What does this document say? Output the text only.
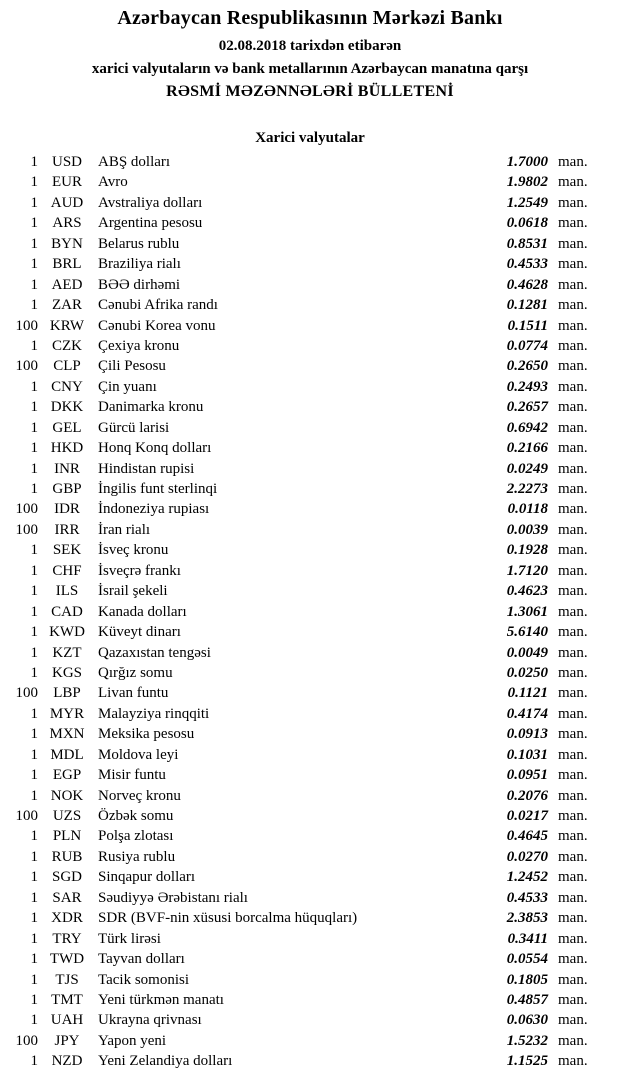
Azərbaycan Respublikasının Mərkəzi Bankı
02.08.2018 tarixdən etibarən
xarici valyutaların və bank metallarının Azərbaycan manatına qarşı
RƏSMİ MƏZƏNNƏLƏRİ BÜLLETENİ
Xarici valyutalar
1 USD	ABŞ dolları	1.7000 man.
1 EUR	Avro	1.9802 man.
1 AUD Avstraliya dolları	1.2549 man.
1 ARS	Argentina pesosu	0.0618 man.
1 BYN	Belarus rublu	0.8531 man.
1 BRL	Braziliya rialı	0.4533 man.
1 AED	BƏƏ dirhəmi	0.4628 man.
1 ZAR	Cənubi Afrika randı	0.1281 man.
100 KRW Cənubi Korea vonu	0.1511 man.
1 CZK	Çexiya kronu	0.0774 man.
100	CLP	Çili Pesosu	0.2650 man.
1 CNY	Çin yuanı	0.2493 man.
1 DKK Danimarka kronu	0.2657 man.
1 GEL	Gürcü larisi	0.6942 man.
1 HKD Honq Konq dolları	0.2166 man.
1	INR	Hindistan rupisi	0.0249 man.
1 GBP	İngilis funt sterlinqi	2.2273 man.
100	IDR	İndoneziya rupiası	0.0118 man.
100	IRR	İran rialı	0.0039 man.
1 SEK	İsveç kronu	0.1928 man.
1 CHF	İsveçrə frankı	1.7120 man.
1	ILS	İsrail şekeli	0.4623 man.
1 CAD	Kanada dolları	1.3061 man.
1 KWD Küveyt dinarı	5.6140 man.
1 KZT	Qazaxıstan tengəsi	0.0049 man.
1 KGS	Qırğız somu	0.0250 man.
100	LBP	Livan funtu	0.1121 man.
1 MYR Malayziya rinqqiti	0.4174 man.
1 MXN Meksika pesosu	0.0913 man.
1 MDL Moldova leyi	0.1031 man.
1 EGP	Misir funtu	0.0951 man.
1 NOK Norveç kronu	0.2076 man.
100 UZS	Özbək somu	0.0217 man.
1 PLN	Polşa zlotası	0.4645 man.
1 RUB	Rusiya rublu	0.0270 man.
1 SGD	Sinqapur dolları	1.2452 man.
1 SAR	Səudiyyə Ərəbistanı rialı	0.4533 man.
1 XDR	SDR (BVF-nin xüsusi borcalma hüquqları)	2.3853 man.
1 TRY	Türk lirəsi	0.3411 man.
1 TWD Tayvan dolları	0.0554 man.
1	TJS	Tacik somonisi	0.1805 man.
1 TMT	Yeni türkmən manatı	0.4857 man.
1 UAH Ukrayna qrivnası	0.0630 man.
100	JPY	Yapon yeni	1.5232 man.
1 NZD	Yeni Zelandiya dolları	1.1525 man.
